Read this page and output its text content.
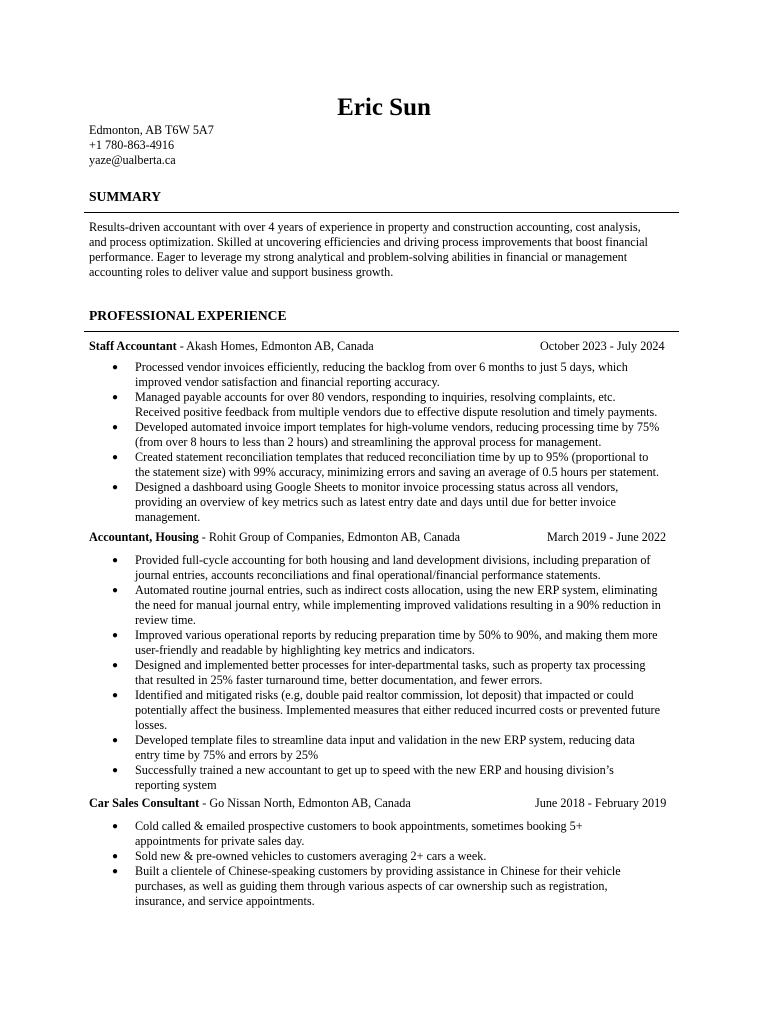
Eric Sun
Edmonton, AB T6W 5A7
+1 780-863-4916
yaze@ualberta.ca
SUMMARY
Results-driven accountant with over 4 years of experience in property and construction accounting, cost analysis,
and process optimization. Skilled at uncovering efficiencies and driving process improvements that boost financial
performance. Eager to leverage my strong analytical and problem-solving abilities in financial or management
accounting roles to deliver value and support business growth.
PROFESSIONAL EXPERIENCE
Staff Accountant - Akash Homes, Edmonton AB, Canada	October 2023 - July 2024
● Processed vendor invoices efficiently, reducing the backlog from over 6 months to just 5 days, which
improved vendor satisfaction and financial reporting accuracy.
● Managed payable accounts for over 80 vendors, responding to inquiries, resolving complaints, etc.
Received positive feedback from multiple vendors due to effective dispute resolution and timely payments.
● Developed automated invoice import templates for high-volume vendors, reducing processing time by 75%
(from over 8 hours to less than 2 hours) and streamlining the approval process for management.
● Created statement reconciliation templates that reduced reconciliation time by up to 95% (proportional to
the statement size) with 99% accuracy, minimizing errors and saving an average of 0.5 hours per statement.
● Designed a dashboard using Google Sheets to monitor invoice processing status across all vendors,
providing an overview of key metrics such as latest entry date and days until due for better invoice
management.
Accountant, Housing - Rohit Group of Companies, Edmonton AB, Canada	March 2019 - June 2022
● Provided full-cycle accounting for both housing and land development divisions, including preparation of
journal entries, accounts reconciliations and final operational/financial performance statements.
● Automated routine journal entries, such as indirect costs allocation, using the new ERP system, eliminating
the need for manual journal entry, while implementing improved validations resulting in a 90% reduction in
review time.
● Improved various operational reports by reducing preparation time by 50% to 90%, and making them more
user-friendly and readable by highlighting key metrics and indicators.
● Designed and implemented better processes for inter-departmental tasks, such as property tax processing
that resulted in 25% faster turnaround time, better documentation, and fewer errors.
● Identified and mitigated risks (e.g, double paid realtor commission, lot deposit) that impacted or could
potentially affect the business. Implemented measures that either reduced incurred costs or prevented future
losses.
● Developed template files to streamline data input and validation in the new ERP system, reducing data
entry time by 75% and errors by 25%
● Successfully trained a new accountant to get up to speed with the new ERP and housing division’s
reporting system
Car Sales Consultant - Go Nissan North, Edmonton AB, Canada	June 2018 - February 2019
● Cold called & emailed prospective customers to book appointments, sometimes booking 5+
appointments for private sales day.
● Sold new & pre-owned vehicles to customers averaging 2+ cars a week.
● Built a clientele of Chinese-speaking customers by providing assistance in Chinese for their vehicle
purchases, as well as guiding them through various aspects of car ownership such as registration,
insurance, and service appointments.
